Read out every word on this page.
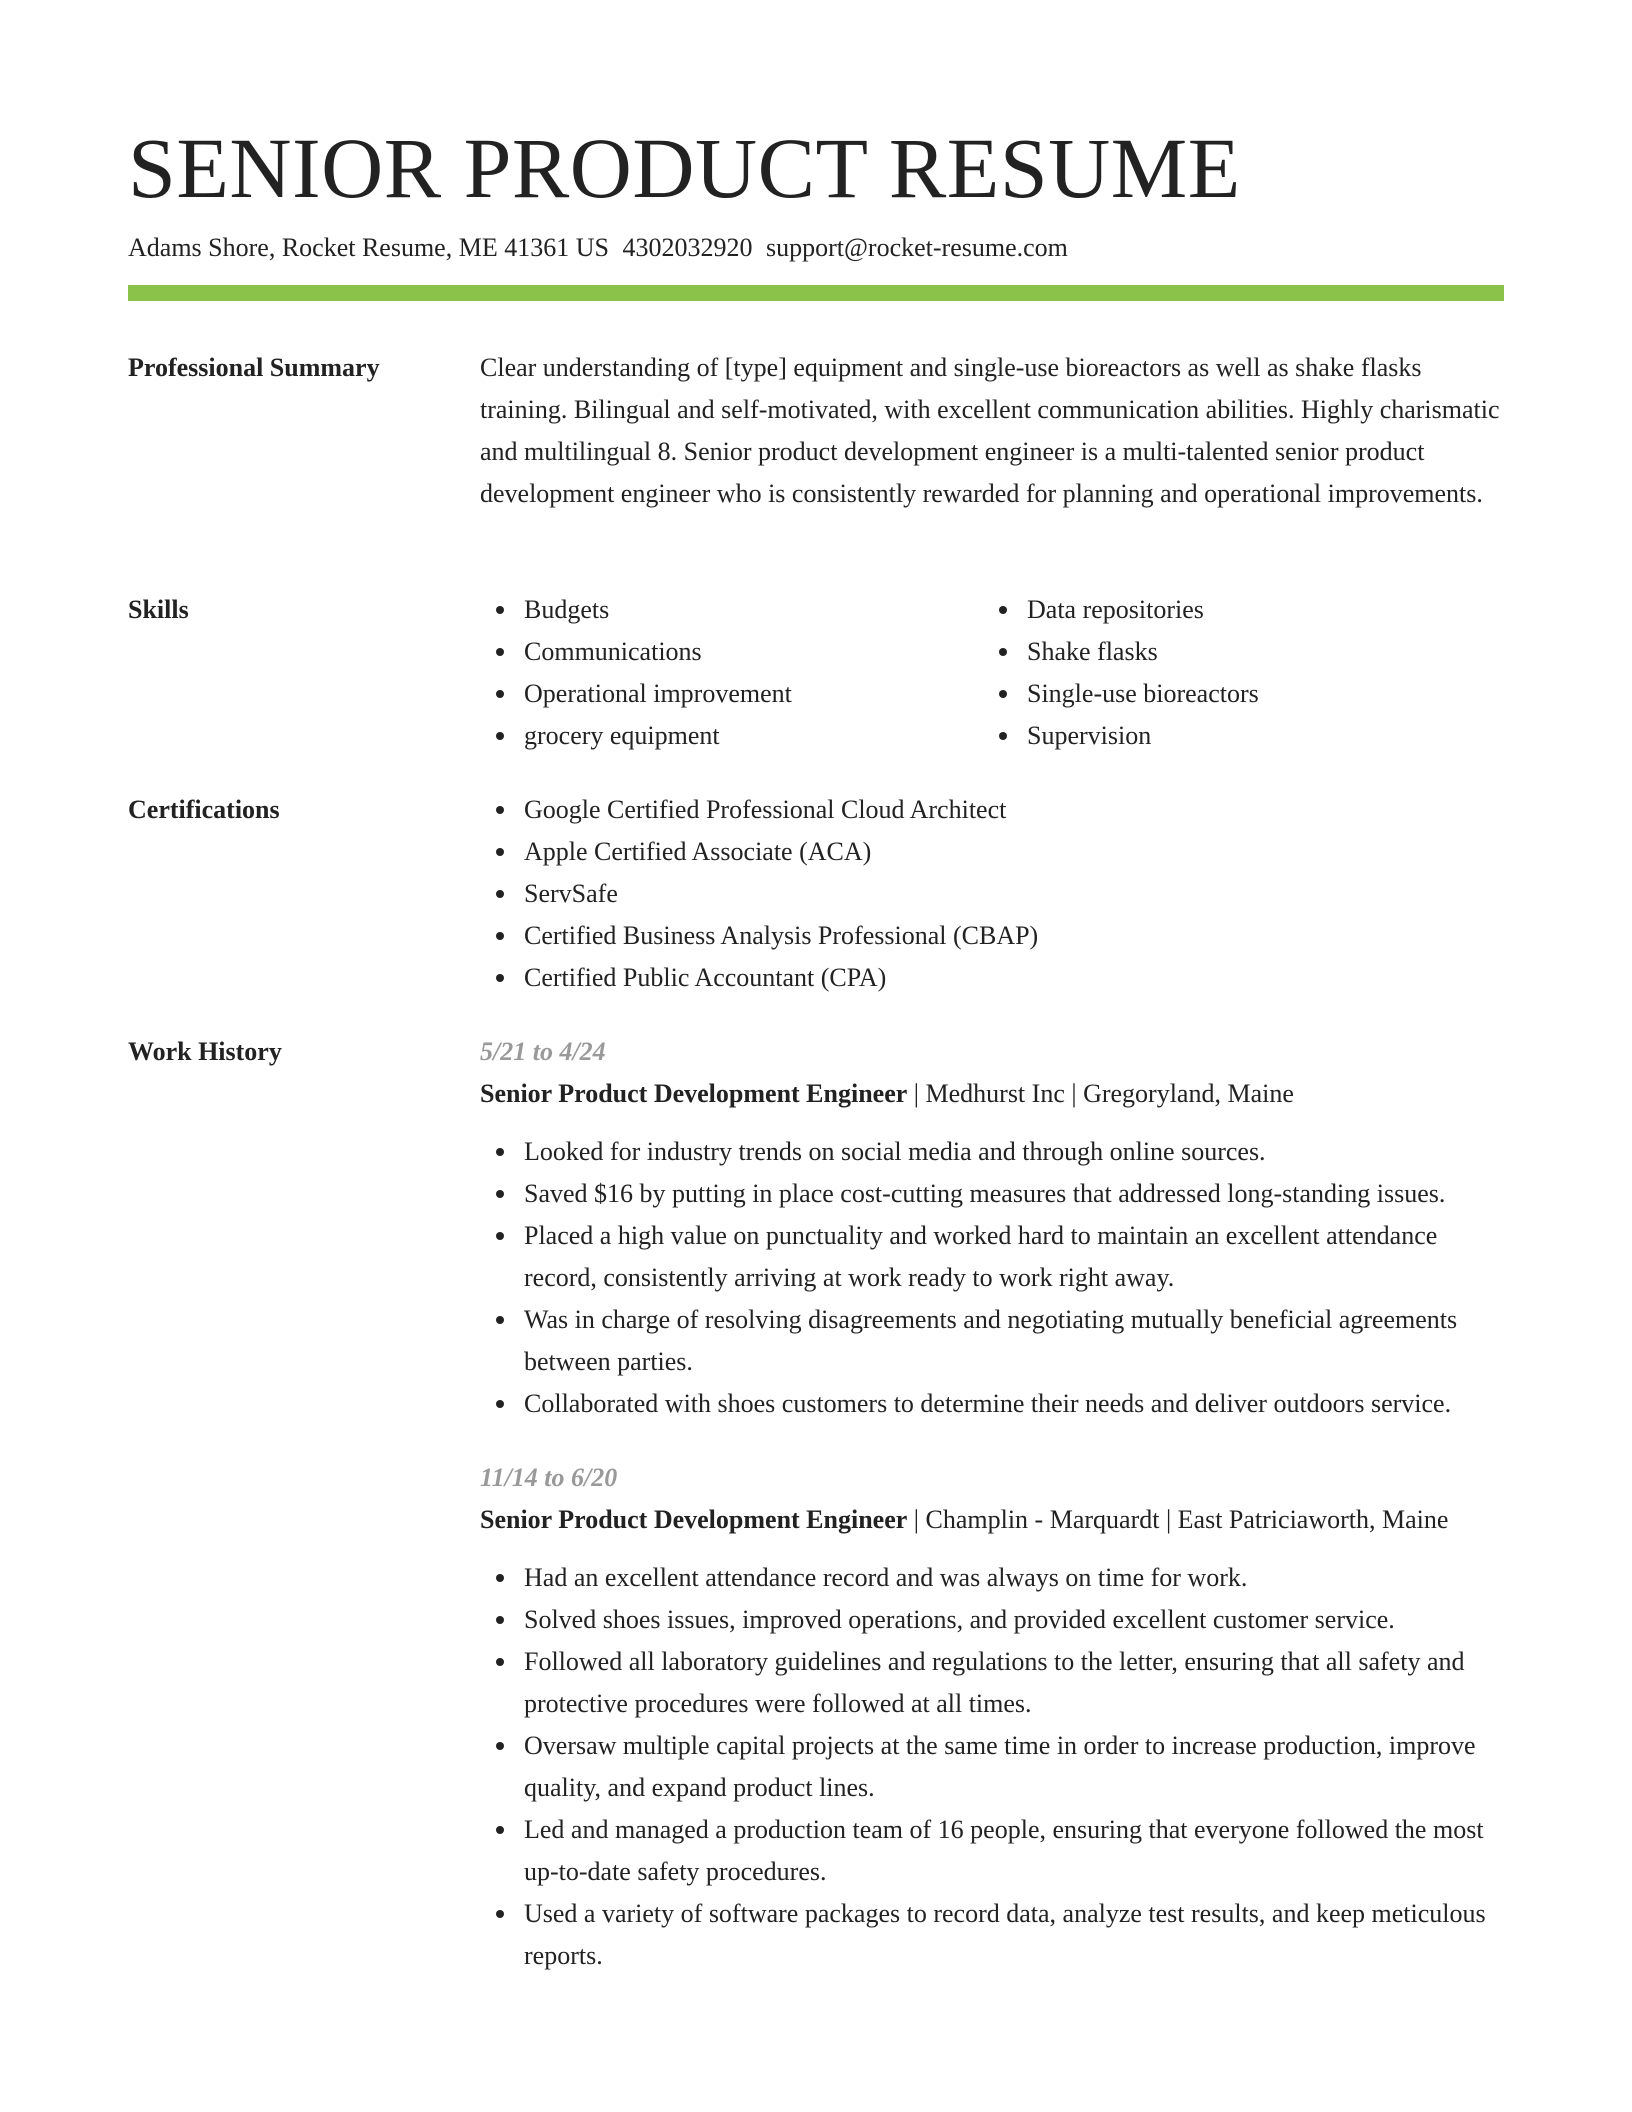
SENIOR PRODUCT RESUME
Adams Shore, Rocket Resume, ME 41361 US 4302032920 support@rocket-resume.com
Professional Summary	Clear understanding of [type] equipment and single-use bioreactors as well as shake flasks training. Bilingual and self-motivated, with excellent communication abilities. Highly charismatic and multilingual 8. Senior product development engineer is a multi-talented senior product development engineer who is consistently rewarded for planning and operational improvements.

Skills	Budgets
Communications
Operational improvement
grocery equipment
Data repositories
Shake flasks
Single-use bioreactors
Supervision
Certifications	Google Certified Professional Cloud Architect
Apple Certified Associate (ACA)
ServSafe
Certified Business Analysis Professional (CBAP)
Certified Public Accountant (CPA)
Work History	5/21 to 4/24
Senior Product Development Engineer | Medhurst Inc | Gregoryland, Maine
Looked for industry trends on social media and through online sources.
Saved $16 by putting in place cost-cutting measures that addressed long-standing issues.
Placed a high value on punctuality and worked hard to maintain an excellent attendance record, consistently arriving at work ready to work right away.
Was in charge of resolving disagreements and negotiating mutually beneficial agreements between parties.
Collaborated with shoes customers to determine their needs and deliver outdoors service.
11/14 to 6/20
Senior Product Development Engineer | Champlin - Marquardt | East Patriciaworth, Maine
Had an excellent attendance record and was always on time for work.
Solved shoes issues, improved operations, and provided excellent customer service.
Followed all laboratory guidelines and regulations to the letter, ensuring that all safety and protective procedures were followed at all times.
Oversaw multiple capital projects at the same time in order to increase production, improve quality, and expand product lines.
Led and managed a production team of 16 people, ensuring that everyone followed the most up-to-date safety procedures.
Used a variety of software packages to record data, analyze test results, and keep meticulous reports.
